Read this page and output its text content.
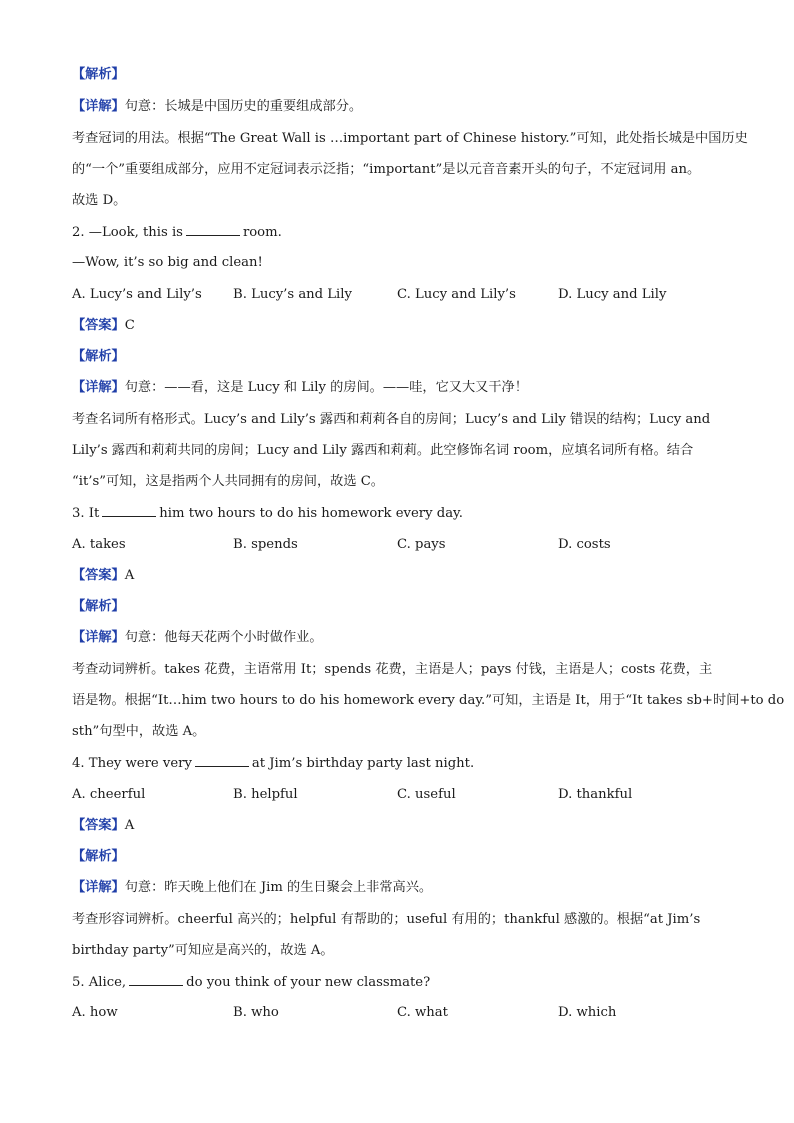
【解析】
【详解】句意：长城是中国历史的重要组成部分。
考查冠词的用法。根据“The Great Wall is …important part of Chinese history.”可知，此处指长城是中国历史
的“一个”重要组成部分，应用不定冠词表示泛指；“important”是以元音音素开头的句子，不定冠词用 an。
故选 D。
2. —Look, this is	room.
—Wow, it’s so big and clean!
A. Lucy’s and Lily’s B. Lucy’s and Lily	C. Lucy and Lily’s	D. Lucy and Lily
【答案】C
【解析】
【详解】句意：——看，这是 Lucy 和 Lily 的房间。——哇，它又大又干净！
考查名词所有格形式。Lucy’s and Lily’s 露西和莉莉各自的房间；Lucy’s and Lily 错误的结构；Lucy and
Lily’s 露西和莉莉共同的房间；Lucy and Lily 露西和莉莉。此空修饰名词 room，应填名词所有格。结合
“it’s”可知，这是指两个人共同拥有的房间，故选 C。
3. It	him two hours to do his homework every day.
A. takes	B. spends	C. pays	D. costs
【答案】A
【解析】
【详解】句意：他每天花两个小时做作业。
考查动词辨析。takes 花费，主语常用 It；spends 花费，主语是人；pays 付钱，主语是人；costs 花费，主
语是物。根据“It…him two hours to do his homework every day.”可知，主语是 It，用于“It takes sb+时间+to do
sth”句型中，故选 A。
4. They were very	at Jim’s birthday party last night.
A. cheerful	B. helpful	C. useful	D. thankful
【答案】A
【解析】
【详解】句意：昨天晚上他们在 Jim 的生日聚会上非常高兴。
考查形容词辨析。cheerful 高兴的；helpful 有帮助的；useful 有用的；thankful 感激的。根据“at Jim’s
birthday party”可知应是高兴的，故选 A。
5. Alice,	do you think of your new classmate?
A. how	B. who	C. what	D. which
